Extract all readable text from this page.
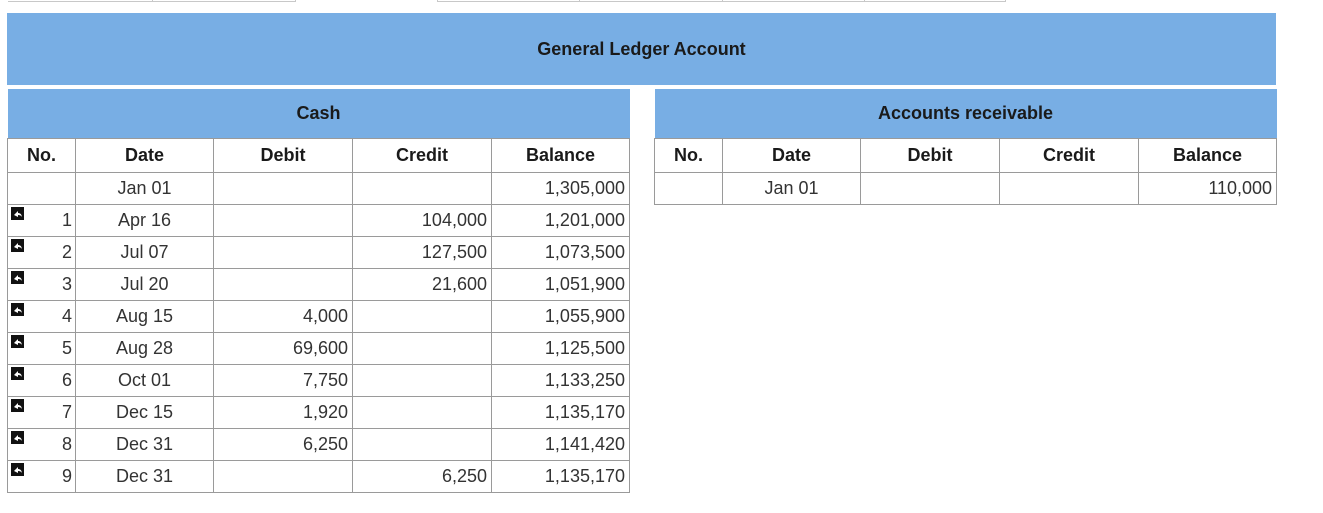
General Ledger Account
Cash				
No.	Date	Debit	Credit	Balance
	Jan 01			1,305,000

1	Apr 16		104,000	1,201,000

2	Jul 07		127,500	1,073,500

3	Jul 20		21,600	1,051,900

4	Aug 15	4,000		1,055,900

5	Aug 28	69,600		1,125,500

6	Oct 01	7,750		1,133,250

7	Dec 15	1,920		1,135,170

8	Dec 31	6,250		1,141,420

9	Dec 31		6,250	1,135,170
Accounts receivable				
No.	Date	Debit	Credit	Balance
	Jan 01			110,000
